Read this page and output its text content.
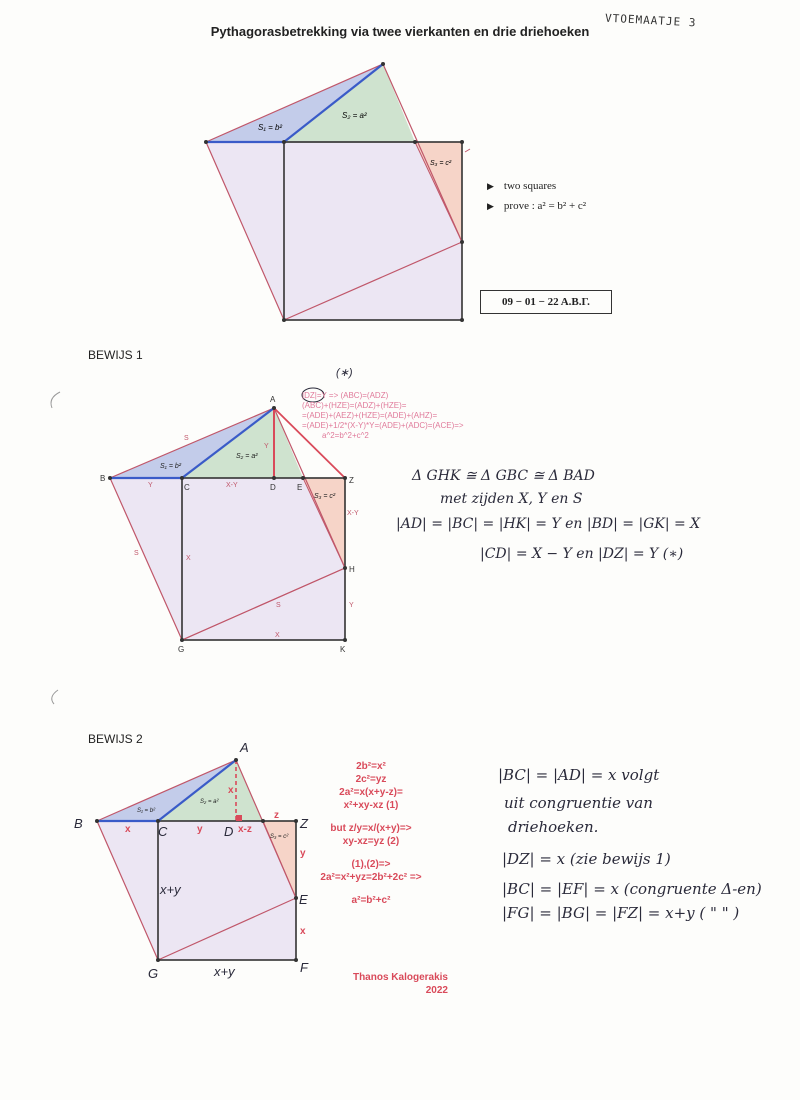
Pythagorasbetrekking via twee vierkanten en drie driehoeken
VTOEMAATJE 3
S₁ = b²
S₂ = a²
S₃ = c²
▶ two squares
▶ prove : a² = b² + c²
09 − 01 − 22 Α.Β.Γ.
BEWIJS 1
A
B
C	D	E
Z
H
K
G
S
S
S
Y	X-Y
X
Y
X
X-Y
Y
S₁ = b²
S₂ = a²
S₃ = c²
(∗)
|DZ|=Y => (ABC)=(ADZ)
(ABC)+(HZE)=(ADZ)+(HZE)=
=(ADE)+(AEZ)+(HZE)=(ADE)+(AHZ)=
=(ADE)+1/2*(X-Y)*Y=(ADE)+(ADC)=(ACE)=>
a^2=b^2+c^2
Δ GHK ≅ Δ GBC ≅ Δ BAD
met zijden X, Y en S
|AD| = |BC| = |HK| = Y en |BD| = |GK| = X
|CD| = X − Y en |DZ| = Y (∗)
BEWIJS 2
A
B
C	D
Z
E
F
G
x	y	x-z
z
x
y
x
x+y
x+y
S₁ = b²
S₂ = a²
S₃ = c²
2b²=x²
2c²=yz
2a²=x(x+y-z)=
x²+xy-xz (1)
but z/y=x/(x+y)=>
xy-xz=yz (2)
(1),(2)=>
2a²=x²+yz=2b²+2c² =>
a²=b²+c²
Thanos Kalogerakis
2022
|BC| = |AD| = x volgt
uit congruentie van
driehoeken.
|DZ| = x (zie bewijs 1)
|BC| = |EF| = x (congruente Δ-en)
|FG| = |BG| = |FZ| = x+y ( " " )
